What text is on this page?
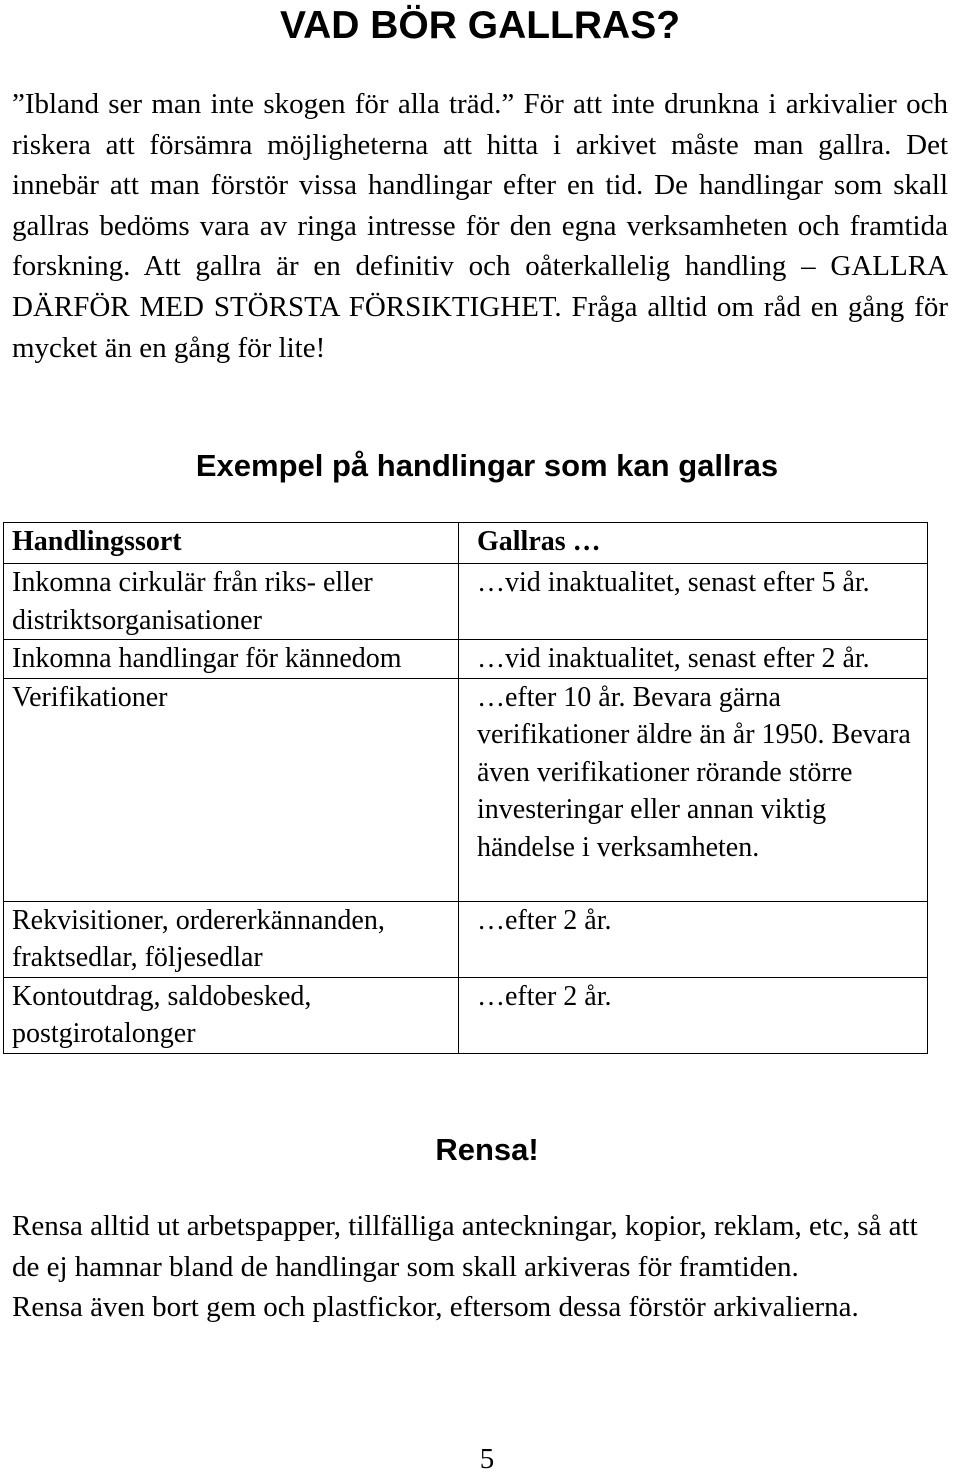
VAD BÖR GALLRAS?

”Ibland ser man inte skogen för alla träd.” För att inte drunkna i arkivalier och riskera att försämra möjligheterna att hitta i arkivet måste man gallra. Det innebär att man förstör vissa handlingar efter en tid. De handlingar som skall gallras bedöms vara av ringa intresse för den egna verksamheten och framtida forskning. Att gallra är en definitiv och oåterkallelig handling – GALLRA DÄRFÖR MED STÖRSTA FÖRSIKTIGHET. Fråga alltid om råd en gång för mycket än en gång för lite!

Exempel på handlingar som kan gallras
Handlingssort	Gallras …
Inkomna cirkulär från riks- eller distriktsorganisationer	…vid inaktualitet, senast efter 5 år.
Inkomna handlingar för kännedom	…vid inaktualitet, senast efter 2 år.
Verifikationer	…efter 10 år. Bevara gärna verifikationer äldre än år 1950. Bevara även verifikationer rörande större investeringar eller annan viktig händelse i verksamheten.
Rekvisitioner, ordererkännanden, fraktsedlar, följesedlar	…efter 2 år.
Kontoutdrag, saldobesked, postgirotalonger	…efter 2 år.
Rensa!

Rensa alltid ut arbetspapper, tillfälliga anteckningar, kopior, reklam, etc, så att de ej hamnar bland de handlingar som skall arkiveras för framtiden.

Rensa även bort gem och plastfickor, eftersom dessa förstör arkivalierna.

5
